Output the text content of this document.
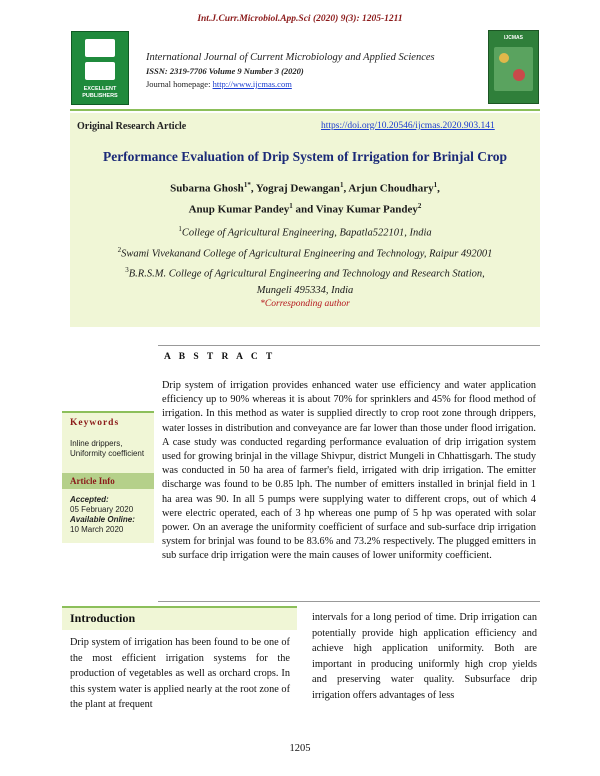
Int.J.Curr.Microbiol.App.Sci (2020) 9(3): 1205-1211
EXCELLENT PUBLISHERS
International Journal of Current Microbiology and Applied Sciences
ISSN: 2319-7706 Volume 9 Number 3 (2020)
Journal homepage: http://www.ijcmas.com
IJCMAS
Original Research Article	https://doi.org/10.20546/ijcmas.2020.903.141
Performance Evaluation of Drip System of Irrigation for Brinjal Crop
Subarna Ghosh$^{1*}$, Yograj Dewangan$^1$, Arjun Choudhary$^1$,
Anup Kumar Pandey$^1$ and Vinay Kumar Pandey$^2$
$^1$College of Agricultural Engineering, Bapatla522101, India
$^2$Swami Vivekanand College of Agricultural Engineering and Technology, Raipur 492001
$^3$B.R.S.M. College of Agricultural Engineering and Technology and Research Station,
Mungeli 495334, India
*Corresponding author
A B S T R A C T
Drip system of irrigation provides enhanced water use efficiency and water application efficiency up to 90% whereas it is about 70% for sprinklers and 45% for flood method of irrigation. In this method as water is supplied directly to crop root zone through drippers, water losses in distribution and conveyance are far lower than those under flood irrigation. A case study was conducted regarding performance evaluation of drip irrigation system used for growing brinjal in the village Shivpur, district Mungeli in Chhattisgarh. The study was conducted in 50 ha area of farmer's field, irrigated with drip irrigation. The emitter discharge was found to be 0.85 lph. The number of emitters installed in brinjal field in 1 ha area was 90. In all 5 pumps were supplying water to different crops, out of which 4 were electric operated, each of 3 hp whereas one pump of 5 hp was operated with solar power. On an average the uniformity coefficient of surface and sub-surface drip irrigation system for brinjal was found to be 83.6% and 73.2% respectively. The plugged emitters in sub surface drip irrigation were the main causes of lower uniformity coefficient.
Keywords
Inline drippers, Uniformity coefficient
Article Info
Accepted:
05 February 2020
Available Online:
10 March 2020
Introduction
Drip system of irrigation has been found to be one of the most efficient irrigation systems for the production of vegetables as well as orchard crops. In this system water is applied nearly at the root zone of the plant at frequent
intervals for a long period of time. Drip irrigation can potentially provide high application efficiency and achieve high application uniformity. Both are important in producing uniformly high crop yields and preserving water quality. Subsurface drip irrigation offers advantages of less
1205
